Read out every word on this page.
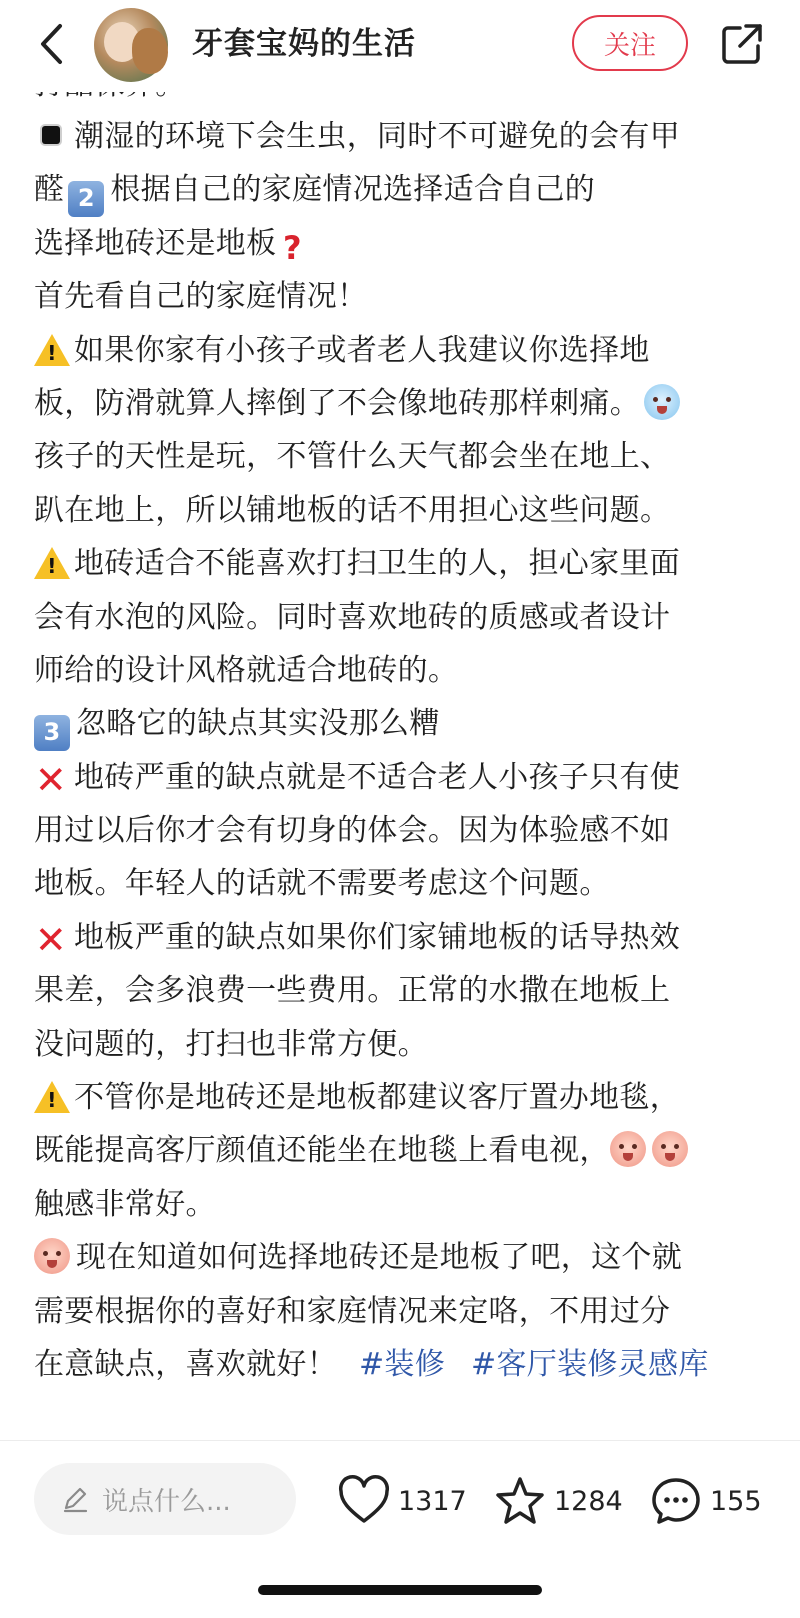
牙套宝妈的生活	关注
潮湿的环境下会生虫，同时不可避免的会有甲
醛 2 根据自己的家庭情况选择适合自己的
选择地砖还是地板 ?
首先看自己的家庭情况！
! 如果你家有小孩子或者老人我建议你选择地
板，防滑就算人摔倒了不会像地砖那样刺痛。
孩子的天性是玩，不管什么天气都会坐在地上、
趴在地上，所以铺地板的话不用担心这些问题。
! 地砖适合不能喜欢打扫卫生的人，担心家里面
会有水泡的风险。同时喜欢地砖的质感或者设计
师给的设计风格就适合地砖的。
3 忽略它的缺点其实没那么糟
✕ 地砖严重的缺点就是不适合老人小孩子只有使
用过以后你才会有切身的体会。因为体验感不如
地板。年轻人的话就不需要考虑这个问题。
✕ 地板严重的缺点如果你们家铺地板的话导热效
果差，会多浪费一些费用。正常的水撒在地板上
没问题的，打扫也非常方便。
! 不管你是地砖还是地板都建议客厅置办地毯，
既能提高客厅颜值还能坐在地毯上看电视，
触感非常好。
现在知道如何选择地砖还是地板了吧，这个就
需要根据你的喜好和家庭情况来定咯，不用过分
在意缺点，喜欢就好！ #装修 #客厅装修灵感库
说点什么...	1317	1284	155
